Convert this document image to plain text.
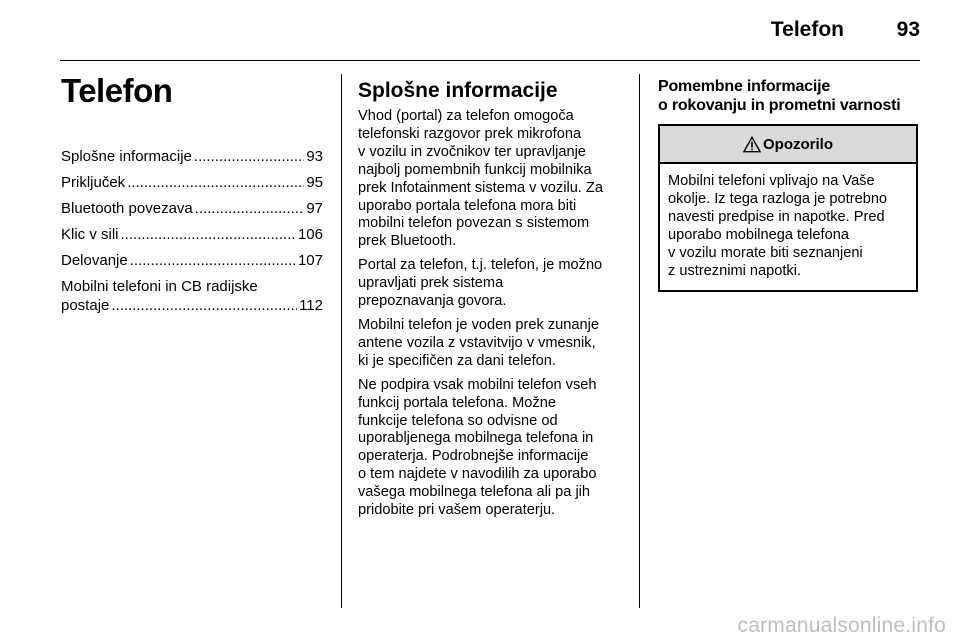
Telefon	93
Telefon
Splošne informacije .....	93
Priključek .....	95
Bluetooth povezava .....	97
Klic v sili .....	106
Delovanje .....	107
Mobilni telefoni in CB radijske
postaje .....	112
Splošne informacije

Vhod (portal) za telefon omogoča
telefonski razgovor prek mikrofona
v vozilu in zvočnikov ter upravljanje
najbolj pomembnih funkcij mobilnika
prek Infotainment sistema v vozilu. Za
uporabo portala telefona mora biti
mobilni telefon povezan s sistemom
prek Bluetooth.

Portal za telefon, t.j. telefon, je možno
upravljati prek sistema
prepoznavanja govora.

Mobilni telefon je voden prek zunanje
antene vozila z vstavitvijo v vmesnik,
ki je specifičen za dani telefon.

Ne podpira vsak mobilni telefon vseh
funkcij portala telefona. Možne
funkcije telefona so odvisne od
uporabljenega mobilnega telefona in
operaterja. Podrobnejše informacije
o tem najdete v navodilih za uporabo
vašega mobilnega telefona ali pa jih
pridobite pri vašem operaterju.

Pomembne informacije
o rokovanju in prometni varnosti
Opozorilo
Mobilni telefoni vplivajo na Vaše
okolje. Iz tega razloga je potrebno
navesti predpise in napotke. Pred
uporabo mobilnega telefona
v vozilu morate biti seznanjeni
z ustreznimi napotki.
carmanualsonline.info
